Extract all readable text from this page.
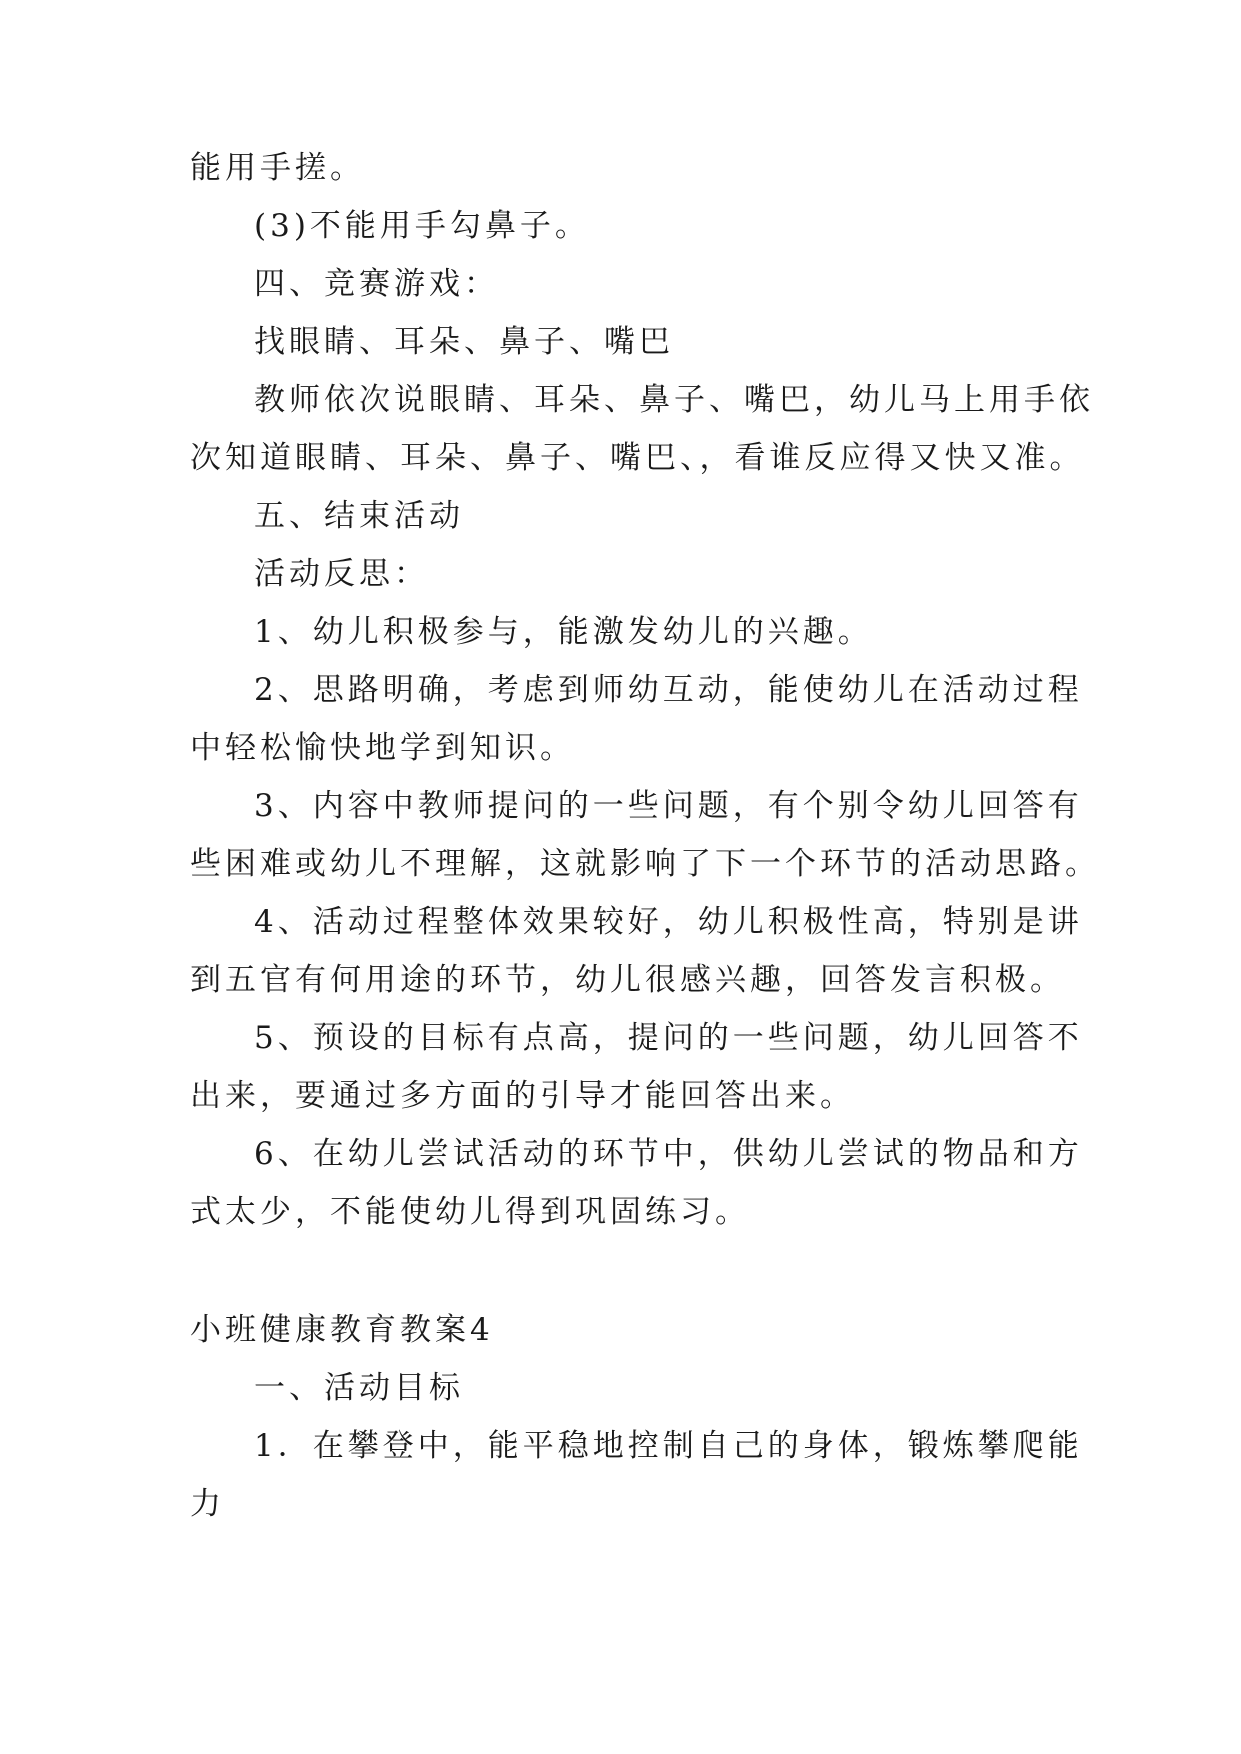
能用手搓。
(3)不能用手勾鼻子。
四、竞赛游戏：
找眼睛、耳朵、鼻子、嘴巴
教师依次说眼睛、耳朵、鼻子、嘴巴，幼儿马上用手依
次知道眼睛、耳朵、鼻子、嘴巴、，看谁反应得又快又准。
五、结束活动
活动反思：
1、幼儿积极参与，能激发幼儿的兴趣。
2、思路明确，考虑到师幼互动，能使幼儿在活动过程
中轻松愉快地学到知识。
3、内容中教师提问的一些问题，有个别令幼儿回答有
些困难或幼儿不理解，这就影响了下一个环节的活动思路。
4、活动过程整体效果较好，幼儿积极性高，特别是讲
到五官有何用途的环节，幼儿很感兴趣，回答发言积极。
5、预设的目标有点高，提问的一些问题，幼儿回答不
出来，要通过多方面的引导才能回答出来。
6、在幼儿尝试活动的环节中，供幼儿尝试的物品和方
式太少，不能使幼儿得到巩固练习。
小班健康教育教案4
一、活动目标
1．在攀登中，能平稳地控制自己的身体，锻炼攀爬能
力
